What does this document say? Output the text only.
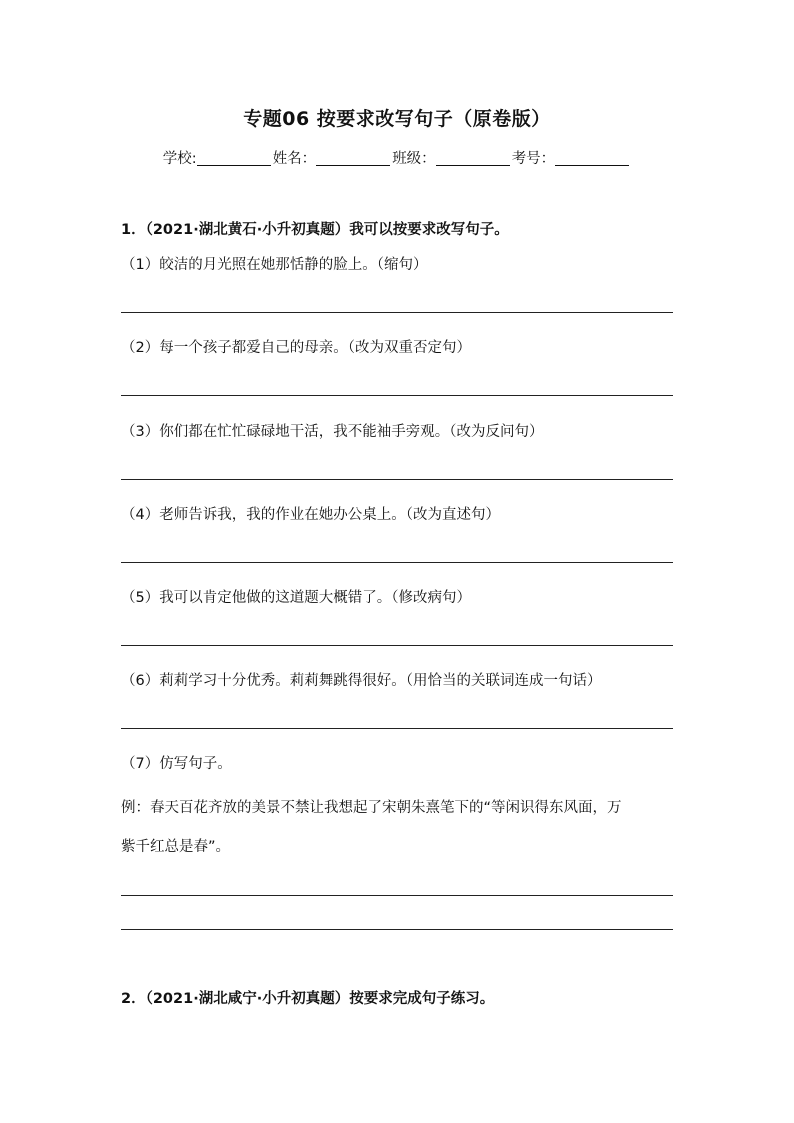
专题06 按要求改写句子（原卷版）
学校:	姓名：	班级：	考号：
1．（2021·湖北黄石·小升初真题）我可以按要求改写句子。
（1）皎洁的月光照在她那恬静的脸上。（缩句）
（2）每一个孩子都爱自己的母亲。（改为双重否定句）
（3）你们都在忙忙碌碌地干活，我不能袖手旁观。（改为反问句）
（4）老师告诉我，我的作业在她办公桌上。（改为直述句）
（5）我可以肯定他做的这道题大概错了。（修改病句）
（6）莉莉学习十分优秀。莉莉舞跳得很好。（用恰当的关联词连成一句话）
（7）仿写句子。
例：春天百花齐放的美景不禁让我想起了宋朝朱熹笔下的“等闲识得东风面，万
紫千红总是春”。
2．（2021·湖北咸宁·小升初真题）按要求完成句子练习。
